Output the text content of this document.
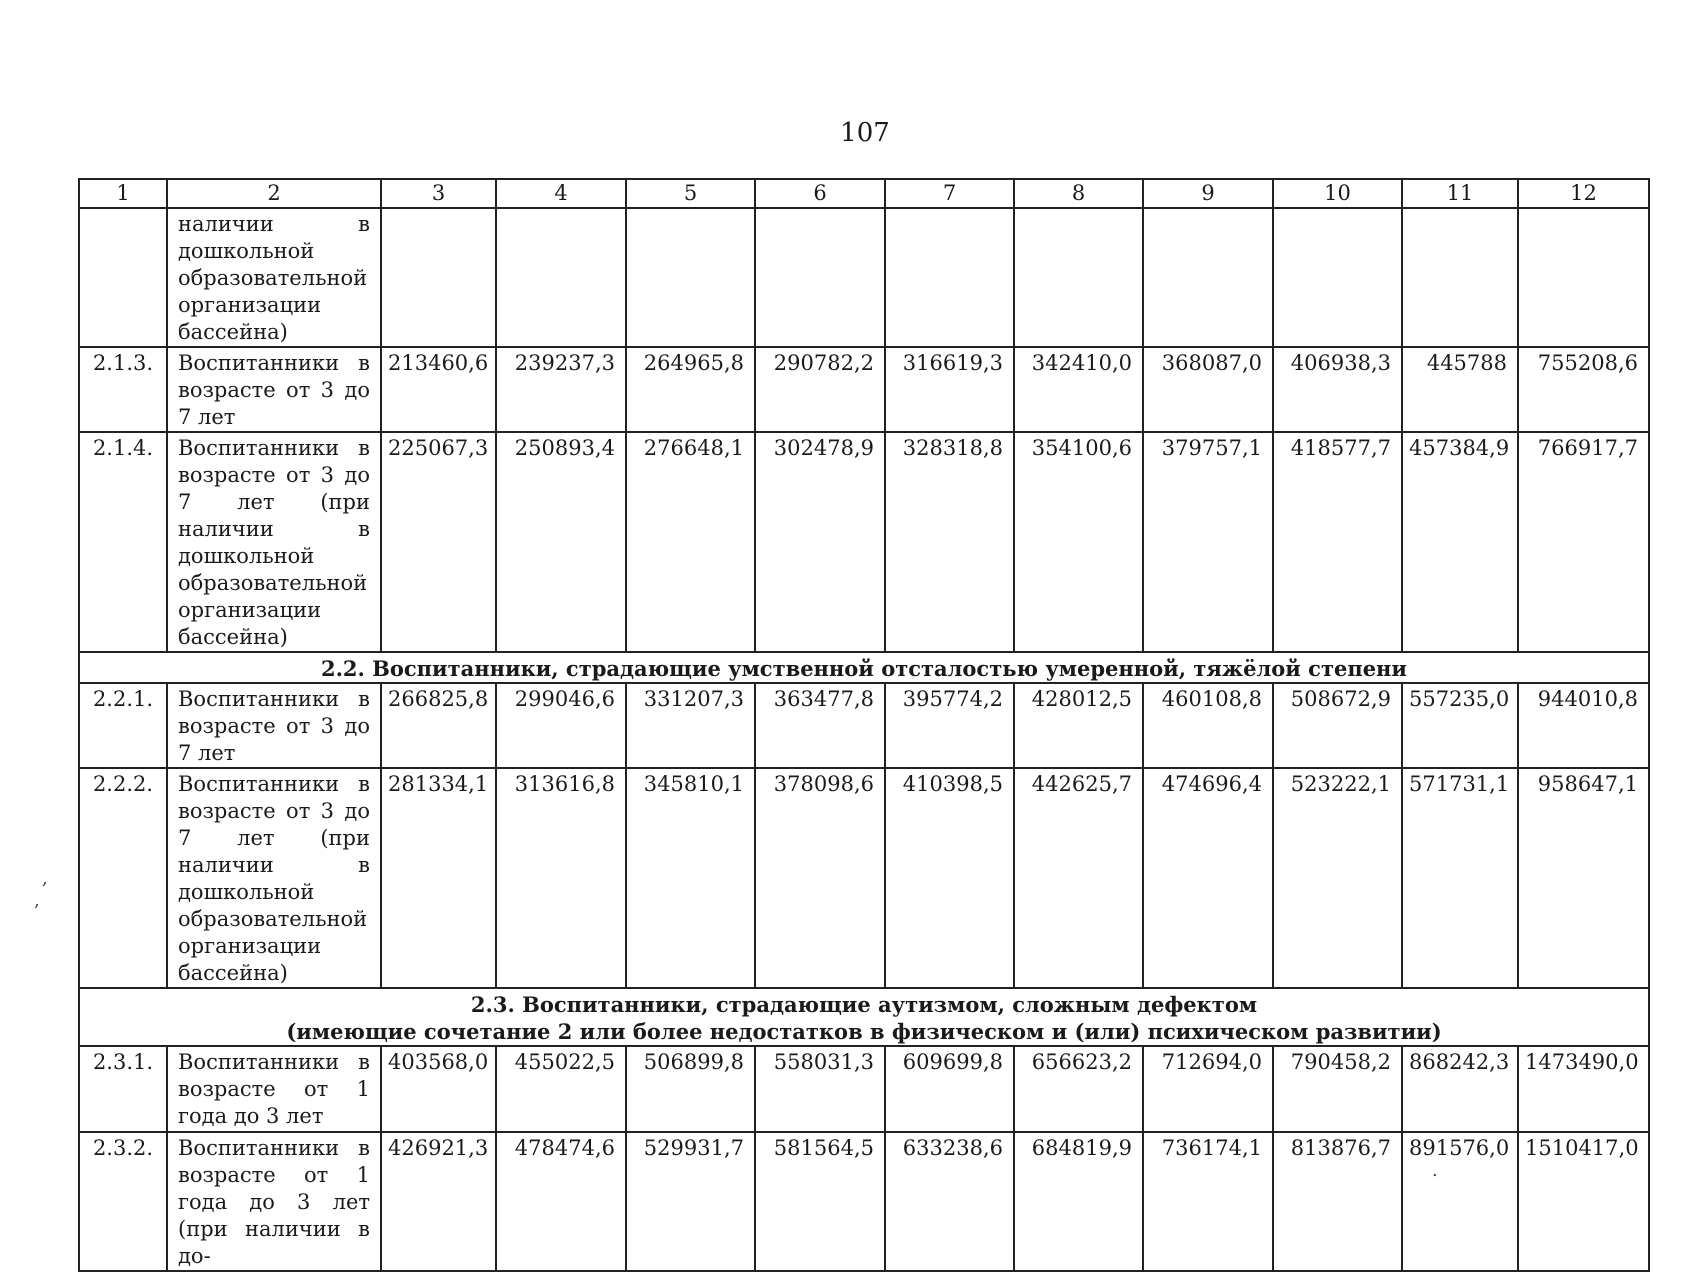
107
1	2	3	4	5	6	7	8	9	10	11	12
	наличии в дошкольной образовательной организации бассейна)										
2.1.3.	Воспитанники в возрасте от 3 до 7 лет	213460,6	239237,3	264965,8	290782,2	316619,3	342410,0	368087,0	406938,3	445788	755208,6
2.1.4.	Воспитанники в возрасте от 3 до 7 лет (при наличии в дошкольной образовательной организации бассейна)	225067,3	250893,4	276648,1	302478,9	328318,8	354100,6	379757,1	418577,7	457384,9	766917,7

2.2. Воспитанники, страдающие умственной отсталостью умеренной, тяжёлой степени											

2.2.1.	Воспитанники в возрасте от 3 до 7 лет	266825,8	299046,6	331207,3	363477,8	395774,2	428012,5	460108,8	508672,9	557235,0	944010,8
2.2.2.	Воспитанники в возрасте от 3 до 7 лет (при наличии в дошкольной образовательной организации бассейна)	281334,1	313616,8	345810,1	378098,6	410398,5	442625,7	474696,4	523222,1	571731,1	958647,1

2.3. Воспитанники, страдающие аутизмом, сложным дефектом
(имеющие сочетание 2 или более недостатков в физическом и (или) психическом развитии)											

2.3.1.	Воспитанники в возрасте от 1 года до 3 лет	403568,0	455022,5	506899,8	558031,3	609699,8	656623,2	712694,0	790458,2	868242,3	1473490,0
2.3.2.	Воспитанники в возрасте от 1 года до 3 лет (при наличии в до-	426921,3	478474,6	529931,7	581564,5	633238,6	684819,9	736174,1	813876,7	891576,0	1510417,0
,
,
.
